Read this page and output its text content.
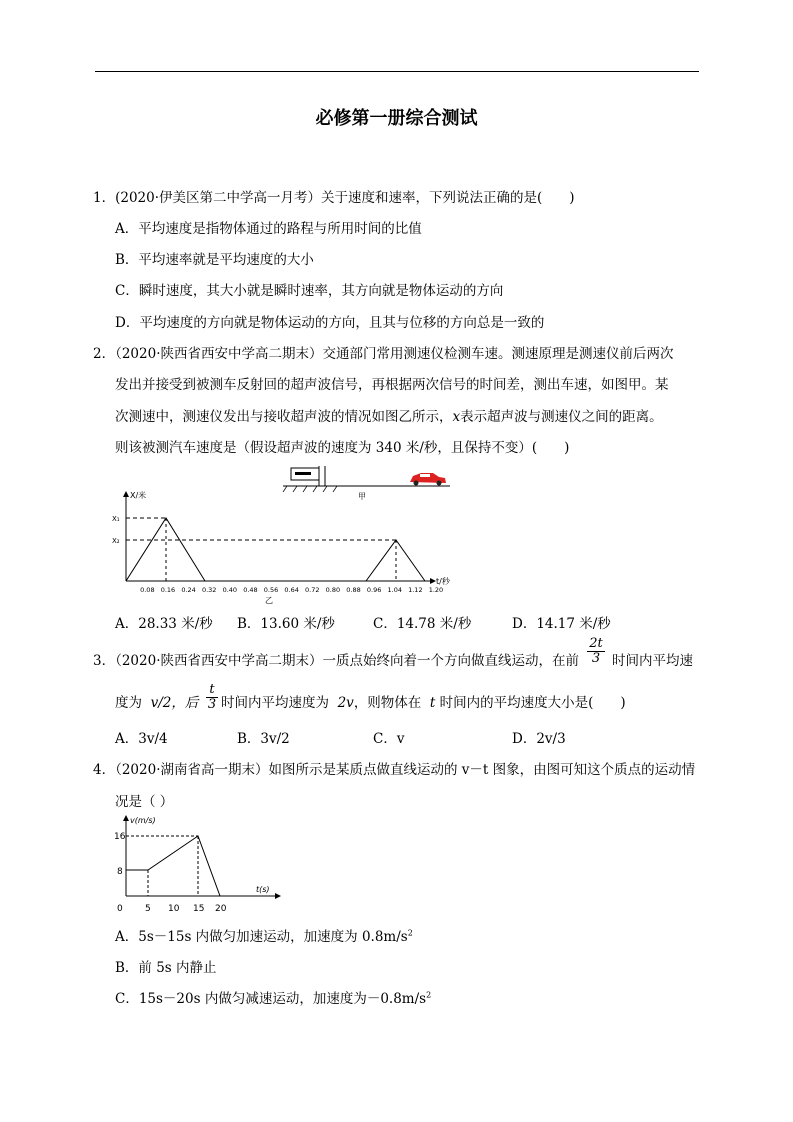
必修第一册综合测试
1．(2020·伊美区第二中学高一月考）关于速度和速率，下列说法正确的是(　　)
A．平均速度是指物体通过的路程与所用时间的比值
B．平均速率就是平均速度的大小
C．瞬时速度，其大小就是瞬时速率，其方向就是物体运动的方向
D．平均速度的方向就是物体运动的方向，且其与位移的方向总是一致的
2．（2020·陕西省西安中学高二期末）交通部门常用测速仪检测车速。测速原理是测速仪前后两次
发出并接受到被测车反射回的超声波信号，再根据两次信号的时间差，测出车速，如图甲。某
次测速中，测速仪发出与接收超声波的情况如图乙所示，x表示超声波与测速仪之间的距离。
则该被测汽车速度是（假设超声波的速度为 340 米/秒，且保持不变）(　　)
甲
X/米
t/秒
X₁
X₂
0.08 0.16 0.24 0.32 0.40 0.48 0.56 0.64 0.72 0.80 0.88 0.96 1.04 1.12 1.20
乙
A．28.33 米/秒 B．13.60 米/秒	C．14.78 米/秒	D．14.17 米/秒
3．（2020·陕西省西安中学高二期末）一质点始终向着一个方向做直线运动，在前 $\frac{2t}{3}$ 时间内平均速
度为 v/2，后 $\frac{t}{3}$ 时间内平均速度为 2v，则物体在 t 时间内的平均速度大小是(　　)
A．3v/4	B．3v/2	C．v	D．2v/3
4．（2020·湖南省高一期末）如图所示是某质点做直线运动的 v－t 图象，由图可知这个质点的运动情
况是（ ）
v(m/s)
t(s)
16
8
0 5 10 15 20
A．5s－15s 内做匀加速运动，加速度为 $0.8m/s^2$
B．前 5s 内静止
C．15s－20s 内做匀减速运动，加速度为$-0.8m/s^2$
